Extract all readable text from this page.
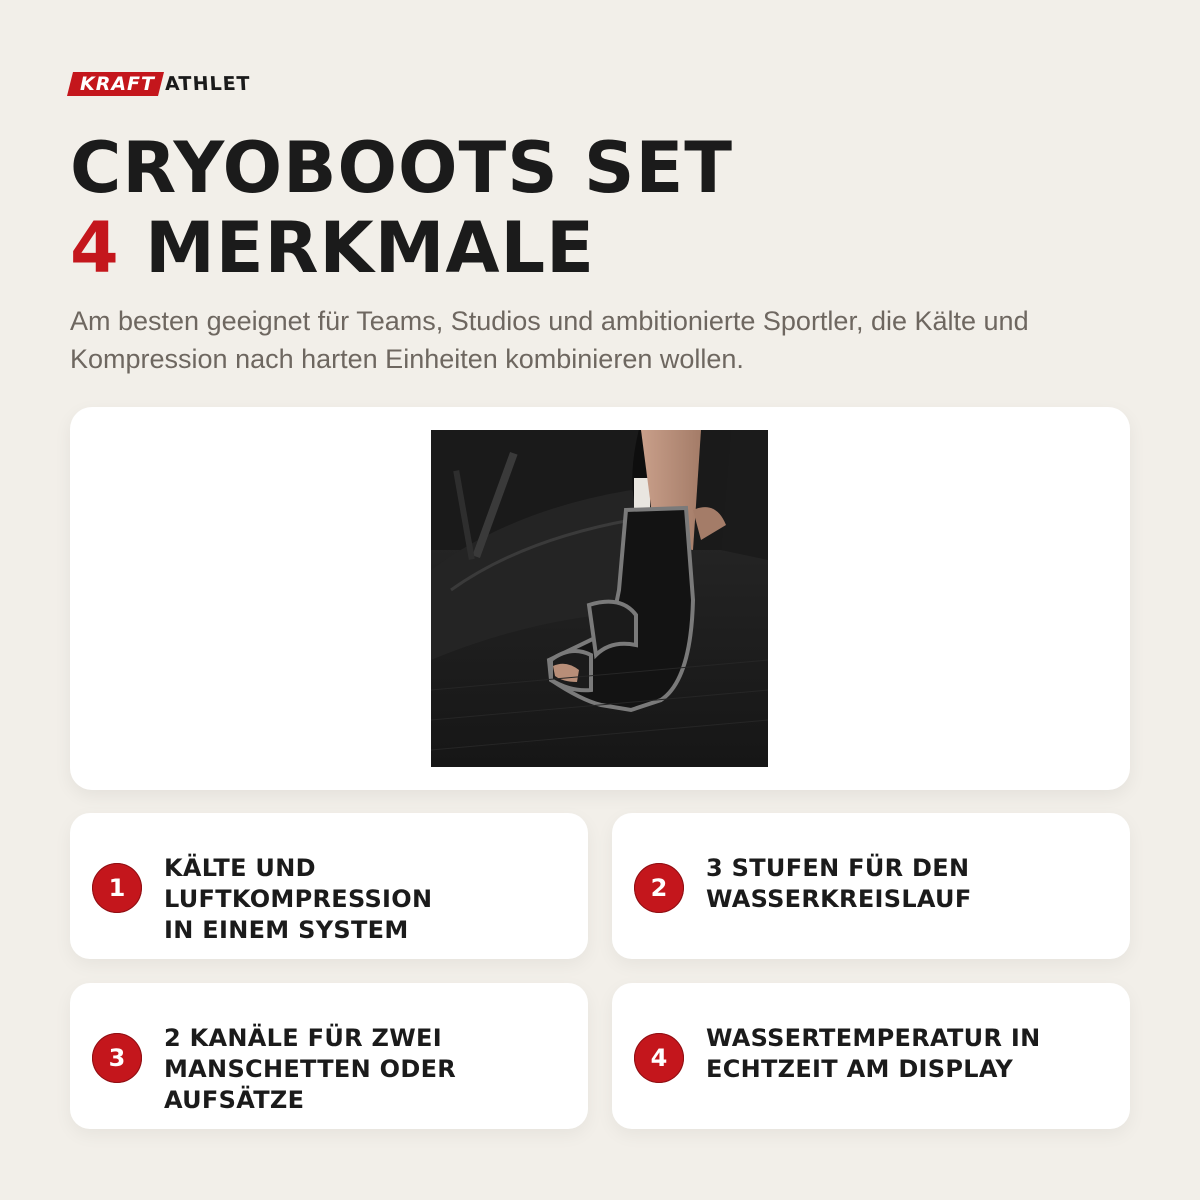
KRAFT ATHLET
CRYOBOOTS SET
4 MERKMALE

Am besten geeignet für Teams, Studios und ambitionierte Sportler, die Kälte und Kompression nach harten Einheiten kombinieren wollen.

1
KÄLTE UND LUFTKOMPRESSION
IN EINEM SYSTEM
2
3 STUFEN FÜR DEN
WASSERKREISLAUF
3
2 KANÄLE FÜR ZWEI
MANSCHETTEN ODER AUFSÄTZE
4
WASSERTEMPERATUR IN
ECHTZEIT AM DISPLAY
